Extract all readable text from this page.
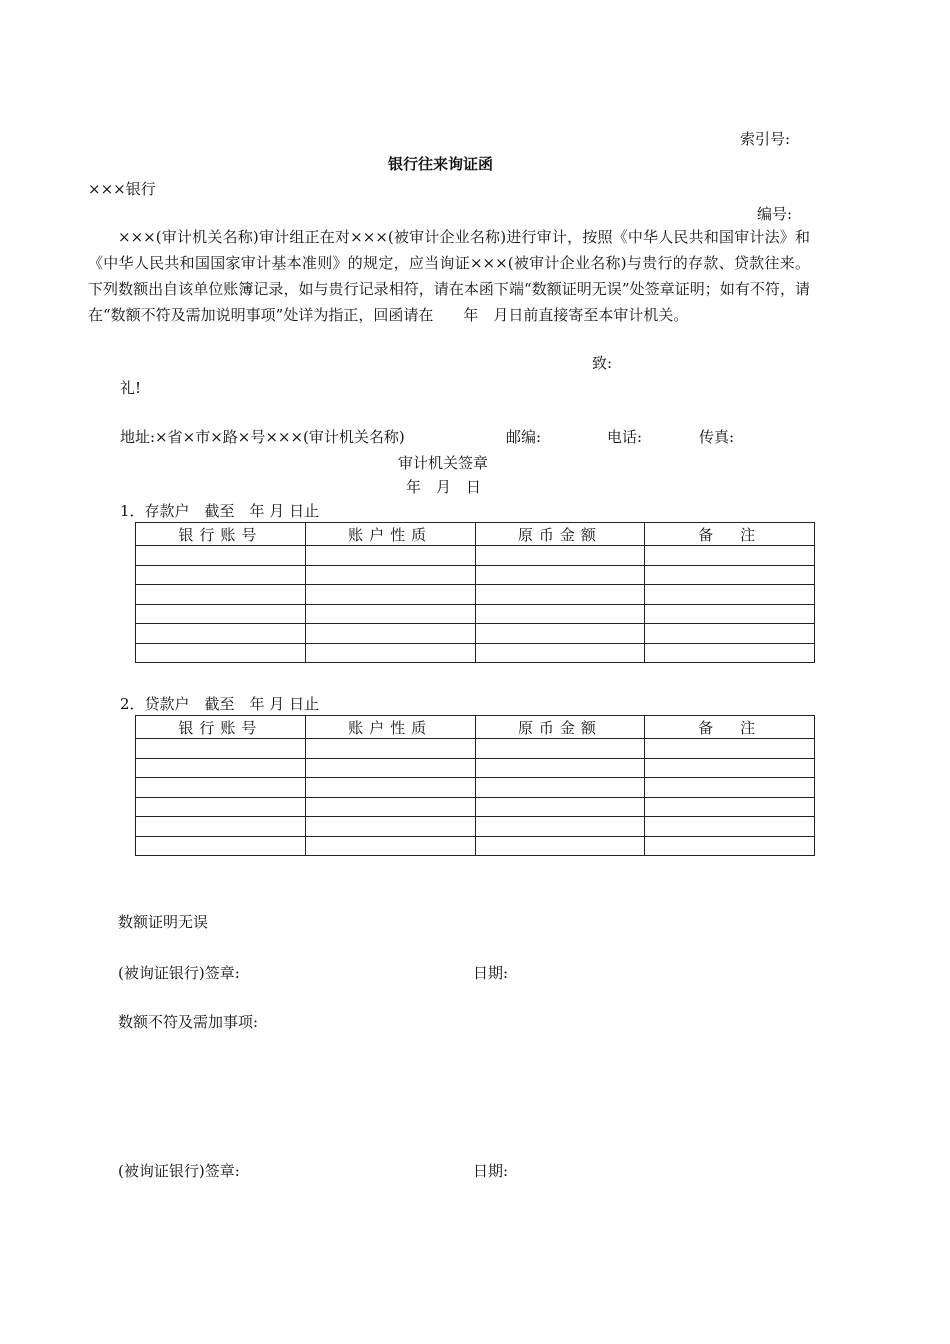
索引号:
银行往来询证函
×××银行
编号:

×××(审计机关名称)审计组正在对×××(被审计企业名称)进行审计，按照《中华人民共和国审计法》和《中华人民共和国国家审计基本准则》的规定，应当询证×××(被审计企业名称)与贵行的存款、贷款往来。下列数额出自该单位账簿记录，如与贵行记录相符，请在本函下端“数额证明无误”处签章证明；如有不符，请在“数额不符及需加说明事项”处详为指正，回函请在　　年　月日前直接寄至本审计机关。

致:
礼!
地址:×省×市×路×号×××(审计机关名称)	邮编:	电话:	传真:
审计机关签章
年　月　日
1．存款户　截至　年 月 日止
银行账号	账户性质	原币金额	备　注

2．贷款户　截至　年 月 日止
银行账号	账户性质	原币金额	备　注

数额证明无误
(被询证银行)签章:	日期:
数额不符及需加事项:
(被询证银行)签章:	日期:
